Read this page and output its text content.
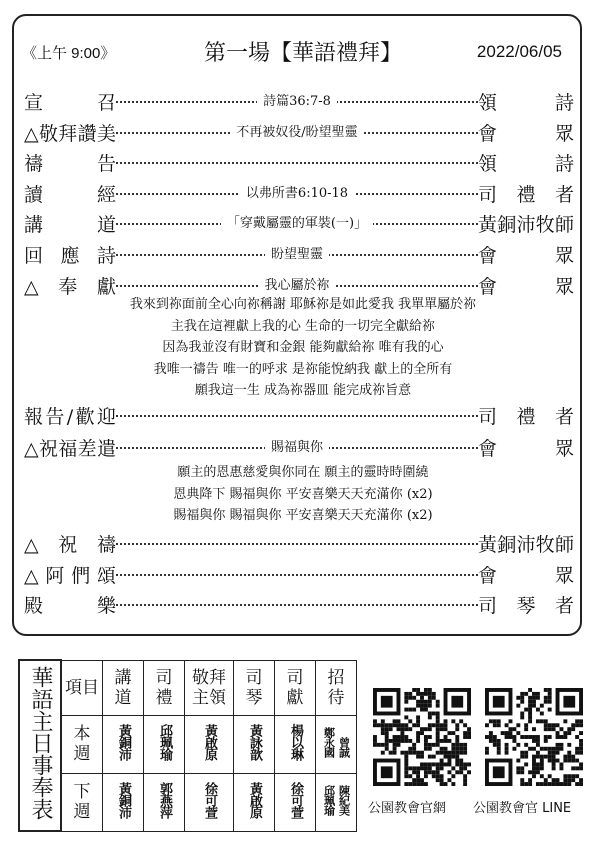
《上午 9:00》	第一場【華語禮拜】	2022/06/05
宣召	詩篇36:7-8	領詩
△敬拜讚美	不再被奴役/盼望聖靈	會眾
禱告	領詩
讀經	以弗所書6:10-18	司禮者
講道	「穿戴屬靈的軍裝(一)」	黃銅沛牧師
回應詩	盼望聖靈	會眾
△奉獻	我心屬於祢	會眾
報告/歡迎	司禮者
△祝福差遣	賜福與你	會眾
△祝禱	黃銅沛牧師
△阿們頌	會眾
殿樂	司琴者
我來到祢面前全心向祢稱謝 耶穌祢是如此愛我 我單單屬於祢
主我在這裡獻上我的心 生命的一切完全獻給祢
因為我並沒有財寶和金銀 能夠獻給祢 唯有我的心
我唯一禱告 唯一的呼求 是祢能悅納我 獻上的全所有
願我這一生 成為祢器皿 能完成祢旨意
願主的恩惠慈愛與你同在 願主的靈時時圍繞
恩典降下 賜福與你 平安喜樂天天充滿你 (x2)
賜福與你 賜福與你 平安喜樂天天充滿你 (x2)
華語主日事奉表	項目	講道	司禮	敬拜主領	司琴	司獻	招待

	本週	黃銅沛	邱珮瑜	黃啟原	黃詠歆	楊以琳	鄭永國 曾誠

	下週	黃銅沛	郭燕萍	徐可萱	黃啟原	徐可萱	邱珮瑜 陳紀美 公園教會官網 公園教會官 LINE
